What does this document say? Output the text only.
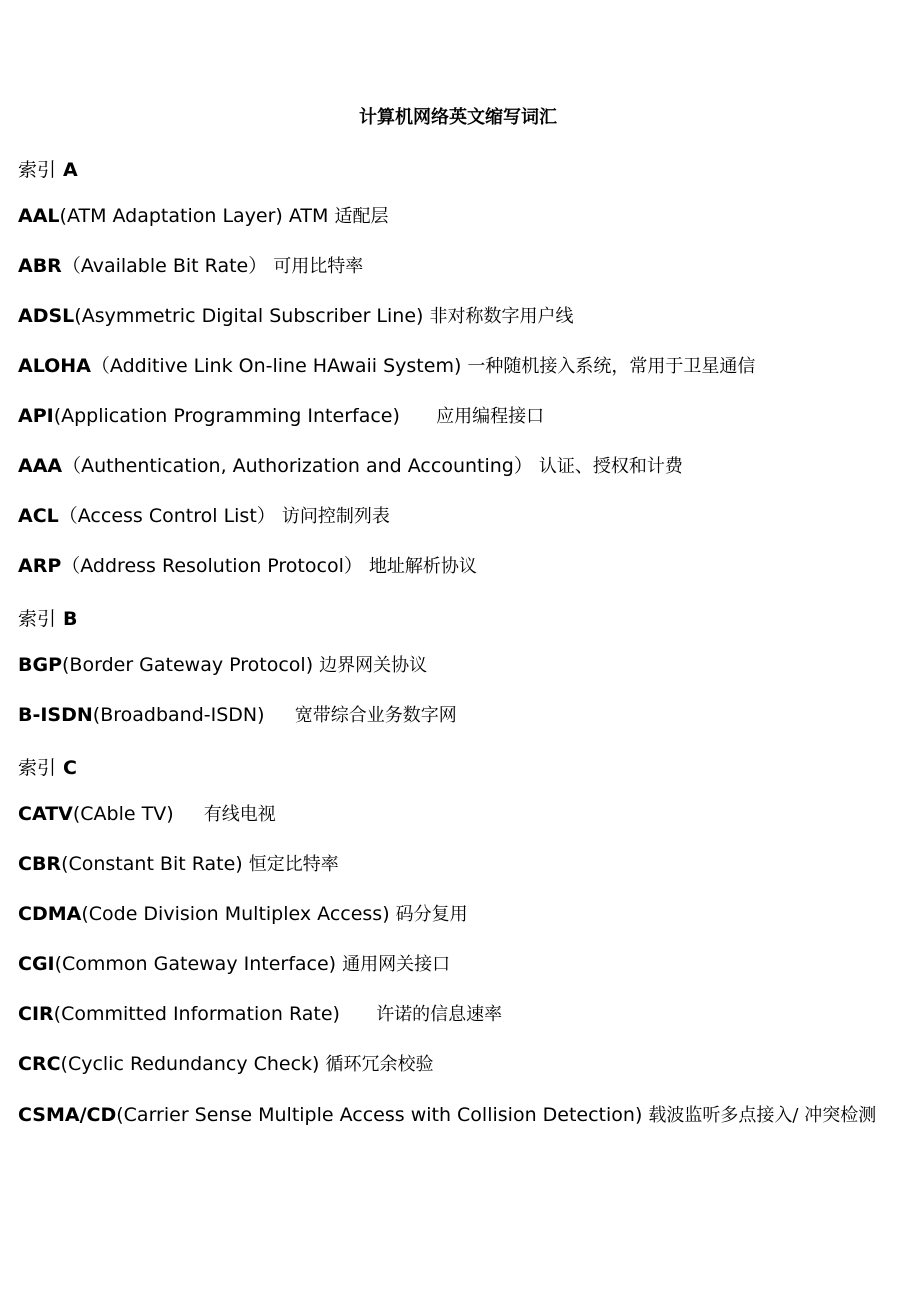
计算机网络英文缩写词汇
索引 A
AAL(ATM Adaptation Layer) ATM 适配层
ABR（Available Bit Rate） 可用比特率
ADSL(Asymmetric Digital Subscriber Line) 非对称数字用户线
ALOHA（Additive Link On-line HAwaii System) 一种随机接入系统，常用于卫星通信
API(Application Programming Interface)      应用编程接口
AAA（Authentication, Authorization and Accounting） 认证、授权和计费
ACL（Access Control List） 访问控制列表
ARP（Address Resolution Protocol） 地址解析协议
索引 B
BGP(Border Gateway Protocol) 边界网关协议
B-ISDN(Broadband-ISDN)     宽带综合业务数字网
索引 C
CATV(CAble TV)     有线电视
CBR(Constant Bit Rate) 恒定比特率
CDMA(Code Division Multiplex Access) 码分复用
CGI(Common Gateway Interface) 通用网关接口
CIR(Committed Information Rate)      许诺的信息速率
CRC(Cyclic Redundancy Check) 循环冗余校验
CSMA/CD(Carrier Sense Multiple Access with Collision Detection) 载波监听多点接入/ 冲突检测
